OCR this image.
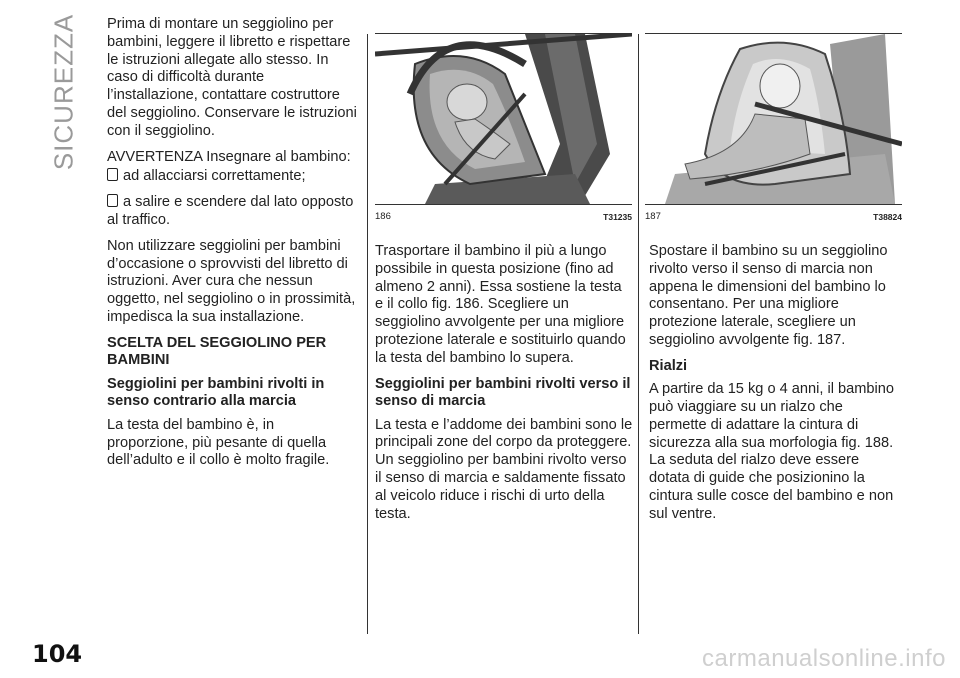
SICUREZZA Prima di montare un seggiolino per bambini, leggere il libretto e rispettare le istruzioni allegate allo stesso. In caso di difficoltà durante l’installazione, contattare costruttore del seggiolino. Conservare le istruzioni con il seggiolino.

AVVERTENZA Insegnare al bambino:

ad allacciarsi correttamente;

a salire e scendere dal lato opposto al traffico.

Non utilizzare seggiolini per bambini d’occasione o sprovvisti del libretto di istruzioni. Aver cura che nessun oggetto, nel seggiolino o in prossimità, impedisca la sua installazione.

SCELTA DEL SEGGIOLINO PER BAMBINI

Seggiolini per bambini rivolti in senso contrario alla marcia

La testa del bambino è, in proporzione, più pesante di quella dell’adulto e il collo è molto fragile.

186	T31235

Trasportare il bambino il più a lungo possibile in questa posizione (fino ad almeno 2 anni). Essa sostiene la testa e il collo fig. 186. Scegliere un seggiolino avvolgente per una migliore protezione laterale e sostituirlo quando la testa del bambino lo supera.

Seggiolini per bambini rivolti verso il senso di marcia

La testa e l’addome dei bambini sono le principali zone del corpo da proteggere. Un seggiolino per bambini rivolto verso il senso di marcia e saldamente fissato al veicolo riduce i rischi di urto della testa.

187	T38824

Spostare il bambino su un seggiolino rivolto verso il senso di marcia non appena le dimensioni del bambino lo consentano. Per una migliore protezione laterale, scegliere un seggiolino avvolgente fig. 187.

Rialzi

A partire da 15 kg o 4 anni, il bambino può viaggiare su un rialzo che permette di adattare la cintura di sicurezza alla sua morfologia fig. 188. La seduta del rialzo deve essere dotata di guide che posizionino la cintura sulle cosce del bambino e non sul ventre.

104	carmanualsonline.info
